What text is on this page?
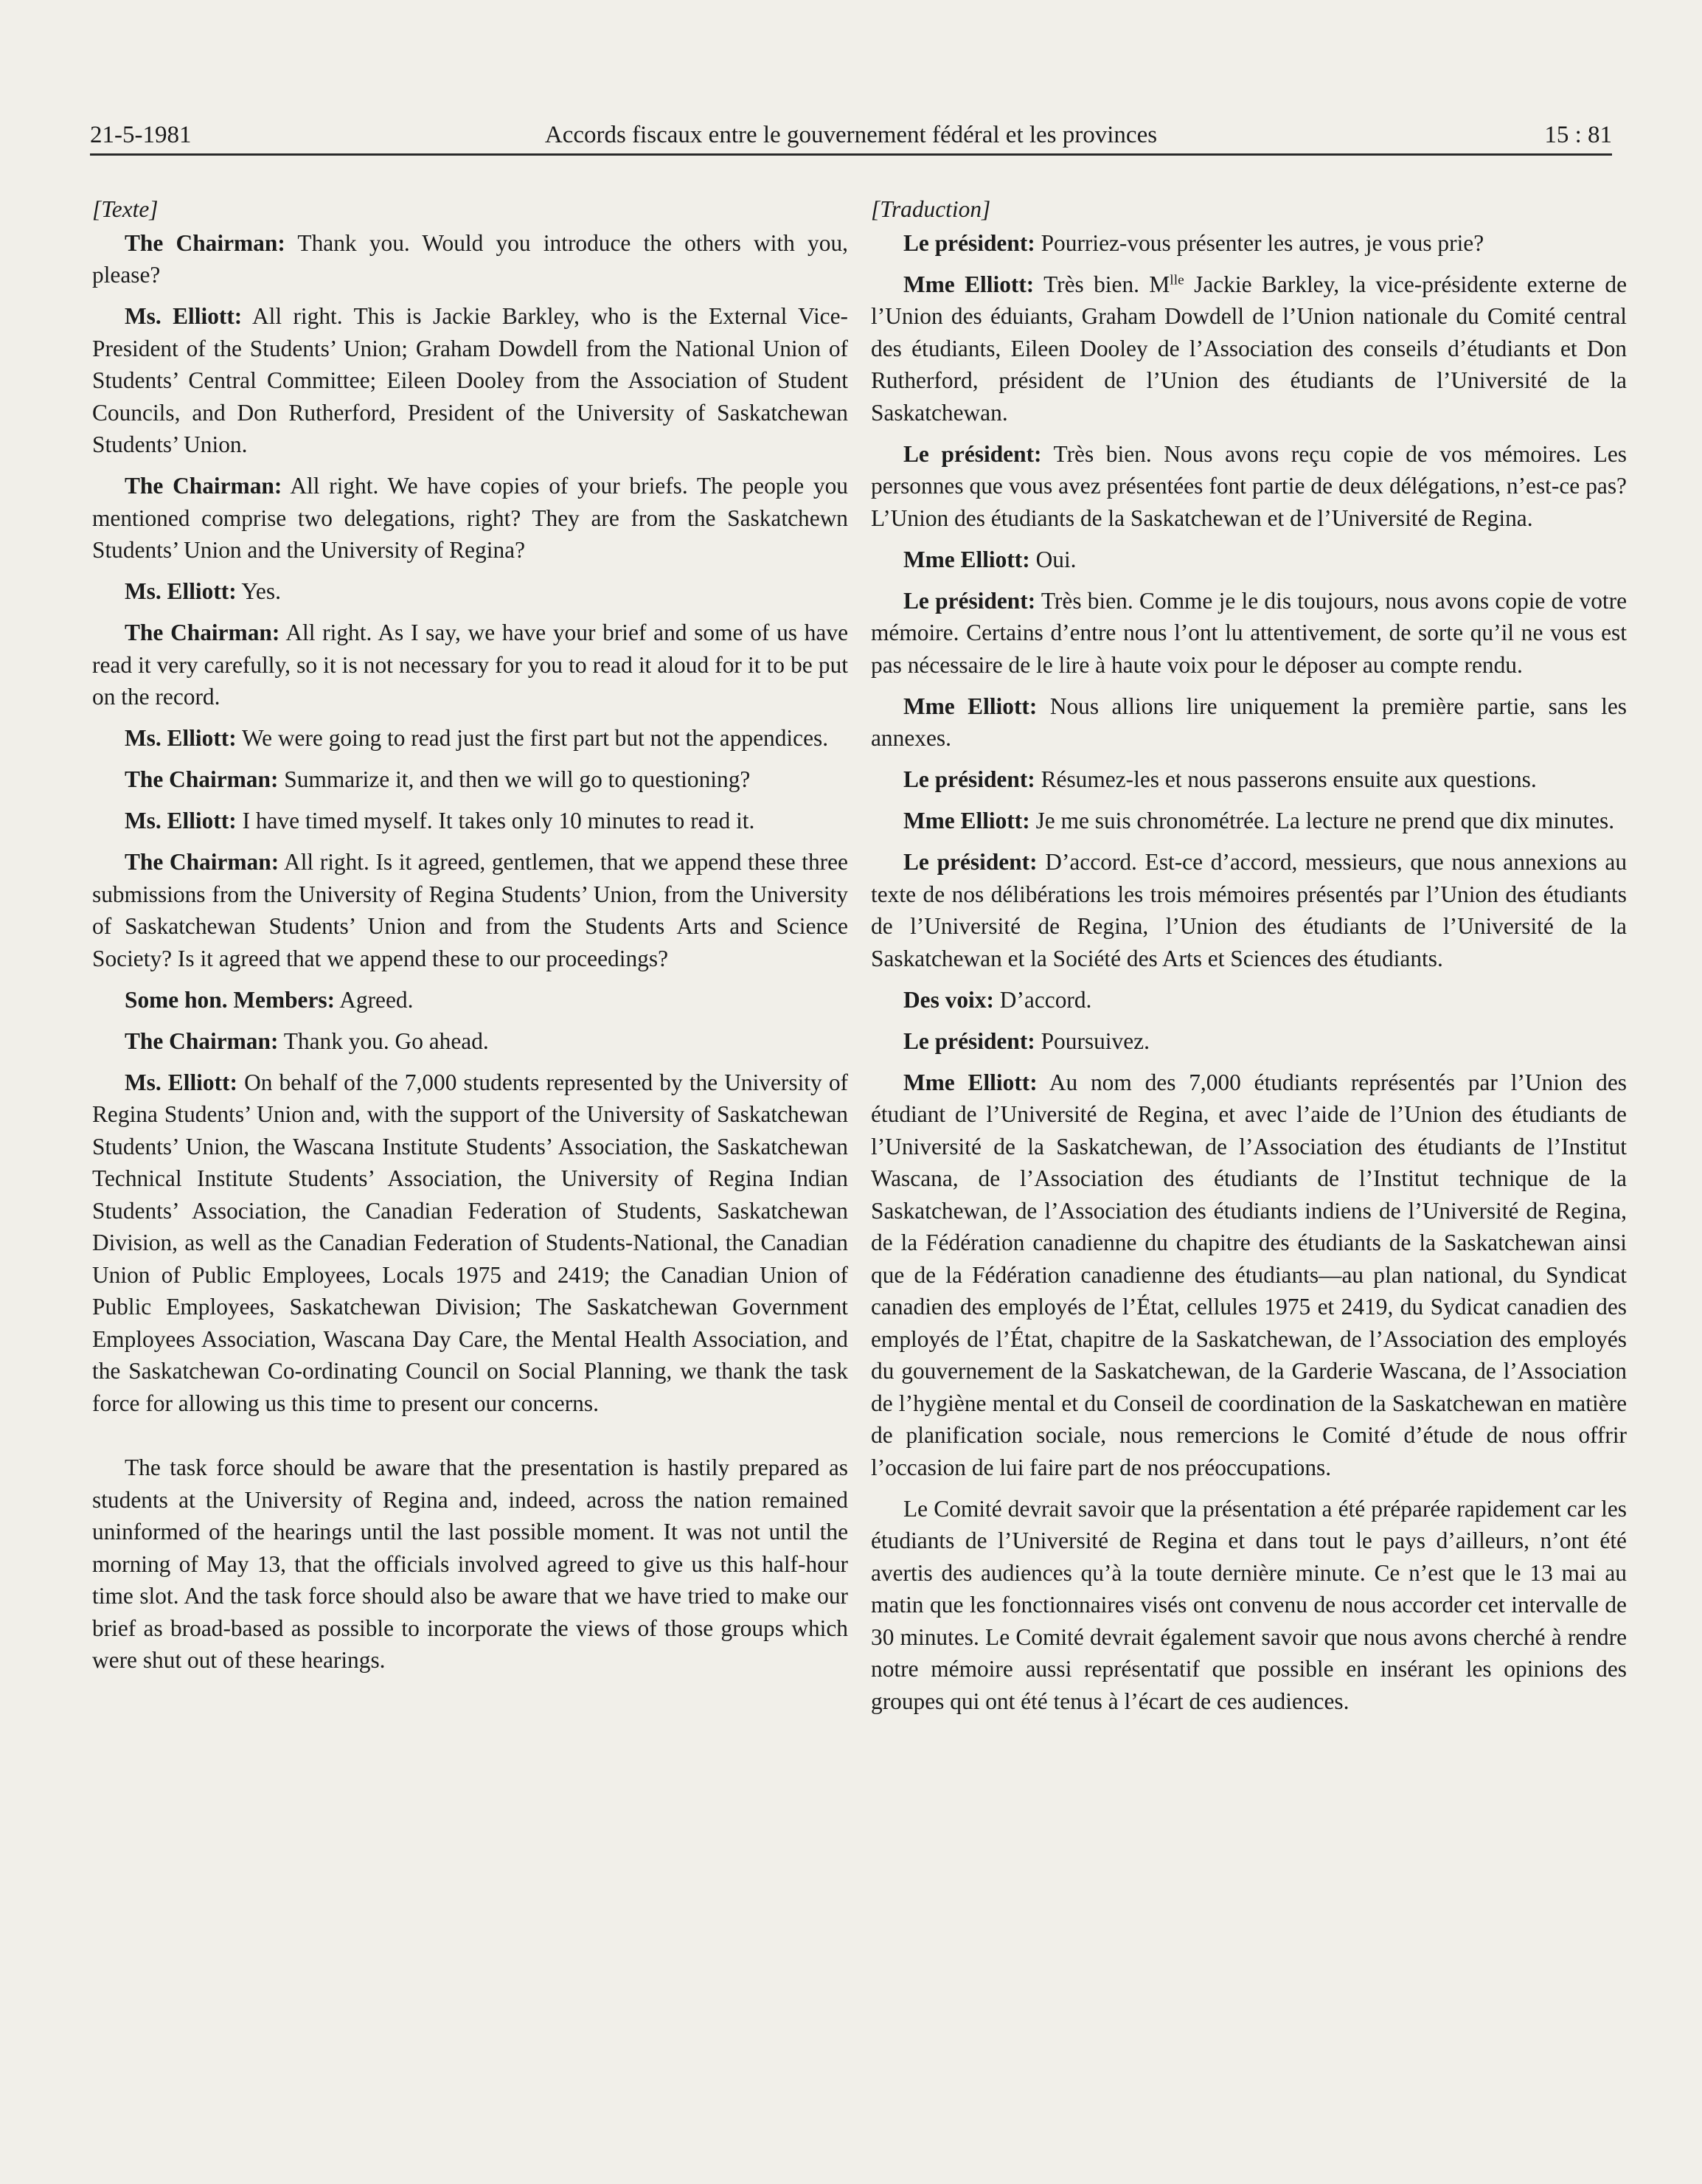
21-5-1981	Accords fiscaux entre le gouvernement fédéral et les provinces	15 : 81
[Texte]

The Chairman: Thank you. Would you introduce the others with you, please?

Ms. Elliott: All right. This is Jackie Barkley, who is the External Vice-President of the Students’ Union; Graham Dowdell from the National Union of Students’ Central Committee; Eileen Dooley from the Association of Student Councils, and Don Rutherford, President of the University of Saskatchewan Students’ Union.

The Chairman: All right. We have copies of your briefs. The people you mentioned comprise two delegations, right? They are from the Saskatchewn Students’ Union and the University of Regina?

Ms. Elliott: Yes.

The Chairman: All right. As I say, we have your brief and some of us have read it very carefully, so it is not necessary for you to read it aloud for it to be put on the record.

Ms. Elliott: We were going to read just the first part but not the appendices.

The Chairman: Summarize it, and then we will go to questioning?

Ms. Elliott: I have timed myself. It takes only 10 minutes to read it.

The Chairman: All right. Is it agreed, gentlemen, that we append these three submissions from the University of Regina Students’ Union, from the University of Saskatchewan Students’ Union and from the Students Arts and Science Society? Is it agreed that we append these to our proceedings?

Some hon. Members: Agreed.

The Chairman: Thank you. Go ahead.

Ms. Elliott: On behalf of the 7,000 students represented by the University of Regina Students’ Union and, with the support of the University of Saskatchewan Students’ Union, the Wascana Institute Students’ Association, the Saskatchewan Technical Institute Students’ Association, the University of Regina Indian Students’ Association, the Canadian Federation of Students, Saskatchewan Division, as well as the Canadian Federation of Students-National, the Canadian Union of Public Employees, Locals 1975 and 2419; the Canadian Union of Public Employees, Saskatchewan Division; The Saskatchewan Government Employees Association, Wascana Day Care, the Mental Health Association, and the Saskatchewan Co-ordinating Council on Social Planning, we thank the task force for allowing us this time to present our concerns.

The task force should be aware that the presentation is hastily prepared as students at the University of Regina and, indeed, across the nation remained uninformed of the hearings until the last possible moment. It was not until the morning of May 13, that the officials involved agreed to give us this half-hour time slot. And the task force should also be aware that we have tried to make our brief as broad-based as possible to incorporate the views of those groups which were shut out of these hearings.

[Traduction]

Le président: Pourriez-vous présenter les autres, je vous prie?

Mme Elliott: Très bien. $M^{lle}$ Jackie Barkley, la vice-présidente externe de l’Union des éduiants, Graham Dowdell de l’Union nationale du Comité central des étudiants, Eileen Dooley de l’Association des conseils d’étudiants et Don Rutherford, président de l’Union des étudiants de l’Université de la Saskatchewan.

Le président: Très bien. Nous avons reçu copie de vos mémoires. Les personnes que vous avez présentées font partie de deux délégations, n’est-ce pas? L’Union des étudiants de la Saskatchewan et de l’Université de Regina.

Mme Elliott: Oui.

Le président: Très bien. Comme je le dis toujours, nous avons copie de votre mémoire. Certains d’entre nous l’ont lu attentivement, de sorte qu’il ne vous est pas nécessaire de le lire à haute voix pour le déposer au compte rendu.

Mme Elliott: Nous allions lire uniquement la première partie, sans les annexes.

Le président: Résumez-les et nous passerons ensuite aux questions.

Mme Elliott: Je me suis chronométrée. La lecture ne prend que dix minutes.

Le président: D’accord. Est-ce d’accord, messieurs, que nous annexions au texte de nos délibérations les trois mémoires présentés par l’Union des étudiants de l’Université de Regina, l’Union des étudiants de l’Université de la Saskatchewan et la Société des Arts et Sciences des étudiants.

Des voix: D’accord.

Le président: Poursuivez.

Mme Elliott: Au nom des 7,000 étudiants représentés par l’Union des étudiant de l’Université de Regina, et avec l’aide de l’Union des étudiants de l’Université de la Saskatchewan, de l’Association des étudiants de l’Institut Wascana, de l’Association des étudiants de l’Institut technique de la Saskatchewan, de l’Association des étudiants indiens de l’Université de Regina, de la Fédération canadienne du chapitre des étudiants de la Saskatchewan ainsi que de la Fédération canadienne des étudiants—au plan national, du Syndicat canadien des employés de l’État, cellules 1975 et 2419, du Sydicat canadien des employés de l’État, chapitre de la Saskatchewan, de l’Association des employés du gouvernement de la Saskatchewan, de la Garderie Wascana, de l’Association de l’hygiène mental et du Conseil de coordination de la Saskatchewan en matière de planification sociale, nous remercions le Comité d’étude de nous offrir l’occasion de lui faire part de nos préoccupations.

Le Comité devrait savoir que la présentation a été préparée rapidement car les étudiants de l’Université de Regina et dans tout le pays d’ailleurs, n’ont été avertis des audiences qu’à la toute dernière minute. Ce n’est que le 13 mai au matin que les fonctionnaires visés ont convenu de nous accorder cet intervalle de 30 minutes. Le Comité devrait également savoir que nous avons cherché à rendre notre mémoire aussi représentatif que possible en insérant les opinions des groupes qui ont été tenus à l’écart de ces audiences.
